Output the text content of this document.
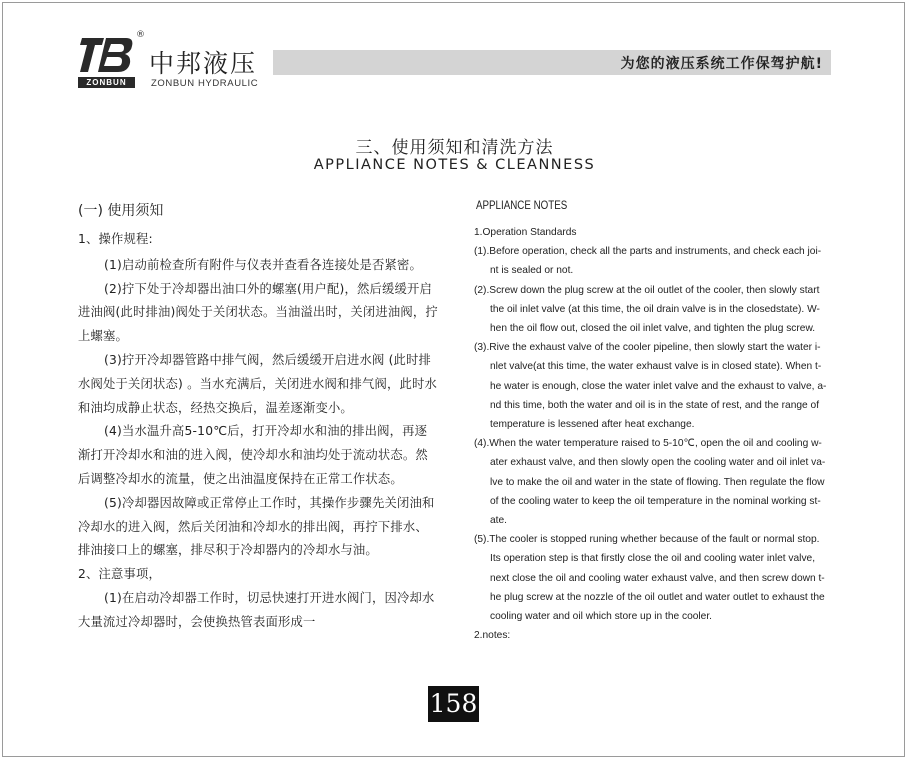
®
ZONBUN
中邦液压
ZONBUN HYDRAULIC
为您的液压系统工作保驾护航!
三、使用须知和清洗方法
APPLIANCE NOTES & CLEANNESS
(一) 使用须知

1、操作规程:

(1)启动前检查所有附件与仪表并查看各连接处是否紧密。

(2)拧下处于冷却器出油口外的螺塞(用户配)，然后缓缓开启进油阀(此时排油)阀处于关闭状态。当油溢出时，关闭进油阀，拧上螺塞。

(3)拧开冷却器管路中排气阀，然后缓缓开启进水阀 (此时排水阀处于关闭状态) 。当水充满后，关闭进水阀和排气阀，此时水和油均成静止状态，经热交换后，温差逐渐变小。

(4)当水温升高5-10℃后，打开冷却水和油的排出阀，再逐渐打开冷却水和油的进入阀，使冷却水和油均处于流动状态。然后调整冷却水的流量，使之出油温度保持在正常工作状态。

(5)冷却器因故障或正常停止工作时，其操作步骤先关闭油和冷却水的进入阀，然后关闭油和冷却水的排出阀，再拧下排水、排油接口上的螺塞，排尽积于冷却器内的冷却水与油。

2、注意事项，

(1)在启动冷却器工作时，切忌快速打开进水阀门，因冷却水大量流过冷却器时，会使换热管表面形成一

APPLIANCE NOTES

1.Operation Standards

(1).Before operation, check all the parts and instruments, and check each joi-

nt is sealed or not.

(2).Screw down the plug screw at the oil outlet of the cooler, then slowly start

the oil inlet valve (at this time, the oil drain valve is in the closedstate). W-

hen the oil flow out, closed the oil inlet valve, and tighten the plug screw.

(3).Rive the exhaust valve of the cooler pipeline, then slowly start the water i-

nlet valve(at this time, the water exhaust valve is in closed state). When t-

he water is enough, close the water inlet valve and the exhaust to valve, a-

nd this time, both the water and oil is in the state of rest, and the range of

temperature is lessened after heat exchange.

(4).When the water temperature raised to 5-10℃, open the oil and cooling w-

ater exhaust valve, and then slowly open the cooling water and oil inlet va-

lve to make the oil and water in the state of flowing. Then regulate the flow

of the cooling water to keep the oil temperature in the nominal working st-

ate.

(5).The cooler is stopped runing whether because of the fault or normal stop.

Its operation step is that firstly close the oil and cooling water inlet valve,

next close the oil and cooling water exhaust valve, and then screw down t-

he plug screw at the nozzle of the oil outlet and water outlet to exhaust the

cooling water and oil which store up in the cooler.

2.notes:

158
